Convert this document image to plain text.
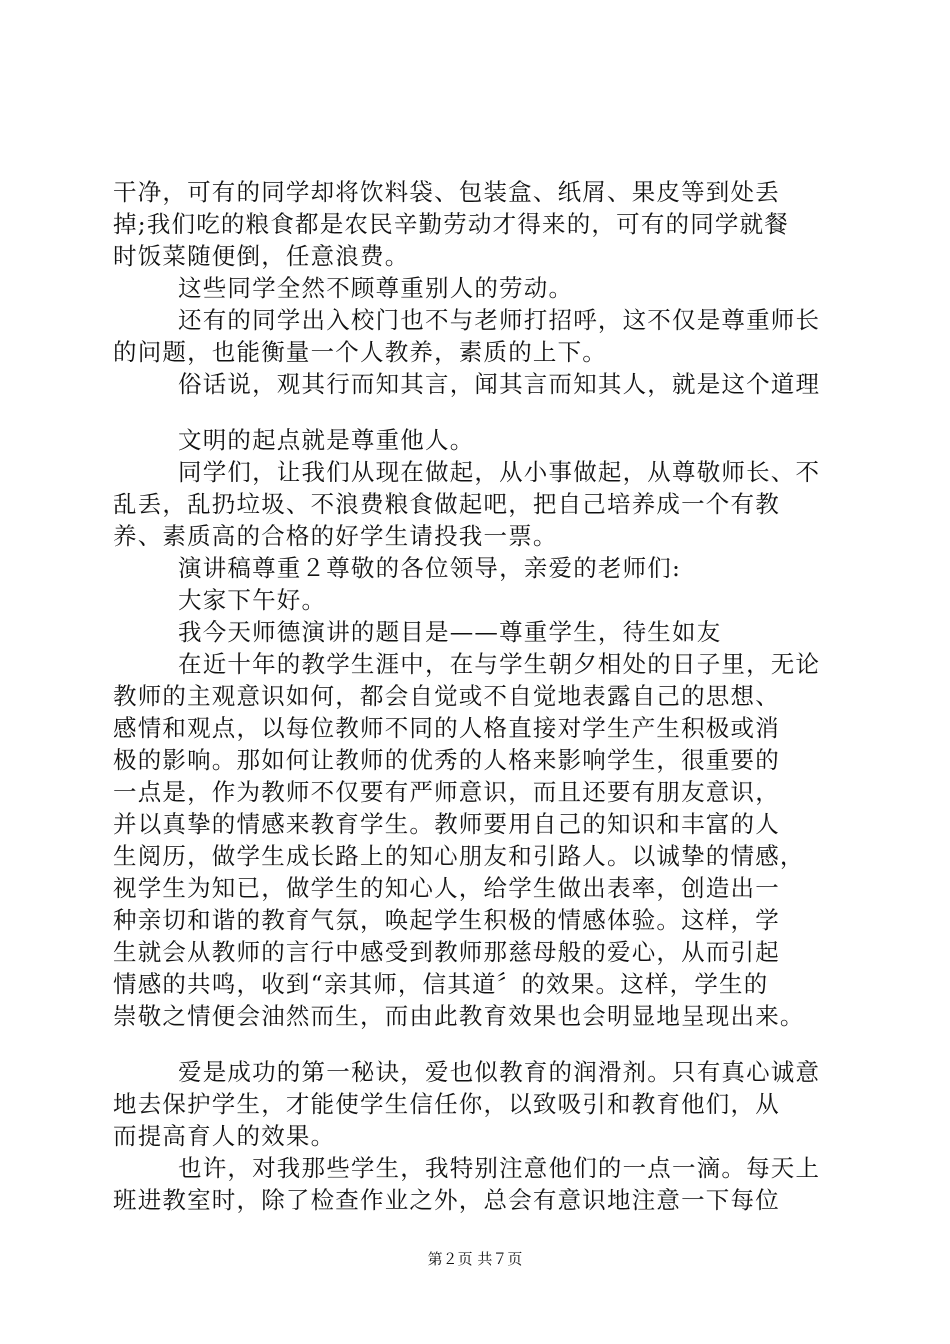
干净，可有的同学却将饮料袋、包装盒、纸屑、果皮等到处丢
掉;我们吃的粮食都是农民辛勤劳动才得来的，可有的同学就餐
时饭菜随便倒，任意浪费。
这些同学全然不顾尊重别人的劳动。
还有的同学出入校门也不与老师打招呼，这不仅是尊重师长
的问题，也能衡量一个人教养，素质的上下。
俗话说，观其行而知其言，闻其言而知其人，就是这个道理
文明的起点就是尊重他人。
同学们，让我们从现在做起，从小事做起，从尊敬师长、不
乱丢，乱扔垃圾、不浪费粮食做起吧，把自己培养成一个有教
养、素质高的合格的好学生请投我一票。
演讲稿尊重２尊敬的各位领导，亲爱的老师们:
大家下午好。
我今天师德演讲的题目是——尊重学生，待生如友
在近十年的教学生涯中，在与学生朝夕相处的日子里，无论
教师的主观意识如何，都会自觉或不自觉地表露自己的思想、
感情和观点，以每位教师不同的人格直接对学生产生积极或消
极的影响。那如何让教师的优秀的人格来影响学生，很重要的
一点是，作为教师不仅要有严师意识，而且还要有朋友意识，
并以真挚的情感来教育学生。教师要用自己的知识和丰富的人
生阅历，做学生成长路上的知心朋友和引路人。以诚挚的情感，
视学生为知已，做学生的知心人，给学生做出表率，创造出一
种亲切和谐的教育气氛，唤起学生积极的情感体验。这样，学
生就会从教师的言行中感受到教师那慈母般的爱心，从而引起
情感的共鸣，收到“亲其师，信其道〞的效果。这样，学生的
崇敬之情便会油然而生，而由此教育效果也会明显地呈现出来。
爱是成功的第一秘诀，爱也似教育的润滑剂。只有真心诚意
地去保护学生，才能使学生信任你，以致吸引和教育他们，从
而提高育人的效果。
也许，对我那些学生，我特别注意他们的一点一滴。每天上
班进教室时，除了检查作业之外，总会有意识地注意一下每位
第２页 共７页
